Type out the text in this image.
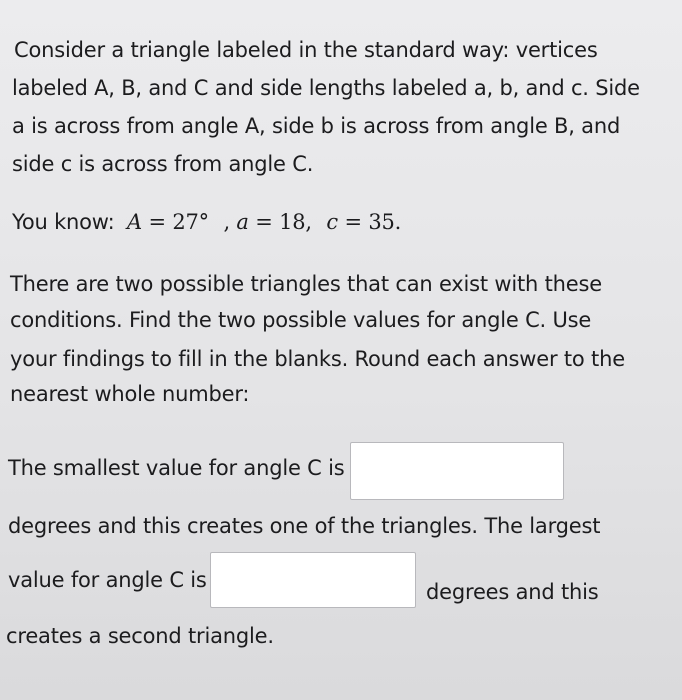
Consider a triangle labeled in the standard way: vertices
labeled A, B, and C and side lengths labeled a, b, and c. Side
a is across from angle A, side b is across from angle B, and
side c is across from angle C.
You know: A = 27° , a = 18, c = 35.
There are two possible triangles that can exist with these
conditions. Find the two possible values for angle C. Use
your findings to fill in the blanks. Round each answer to the
nearest whole number:
The smallest value for angle C is
degrees and this creates one of the triangles. The largest
value for angle C is	degrees and this
creates a second triangle.
